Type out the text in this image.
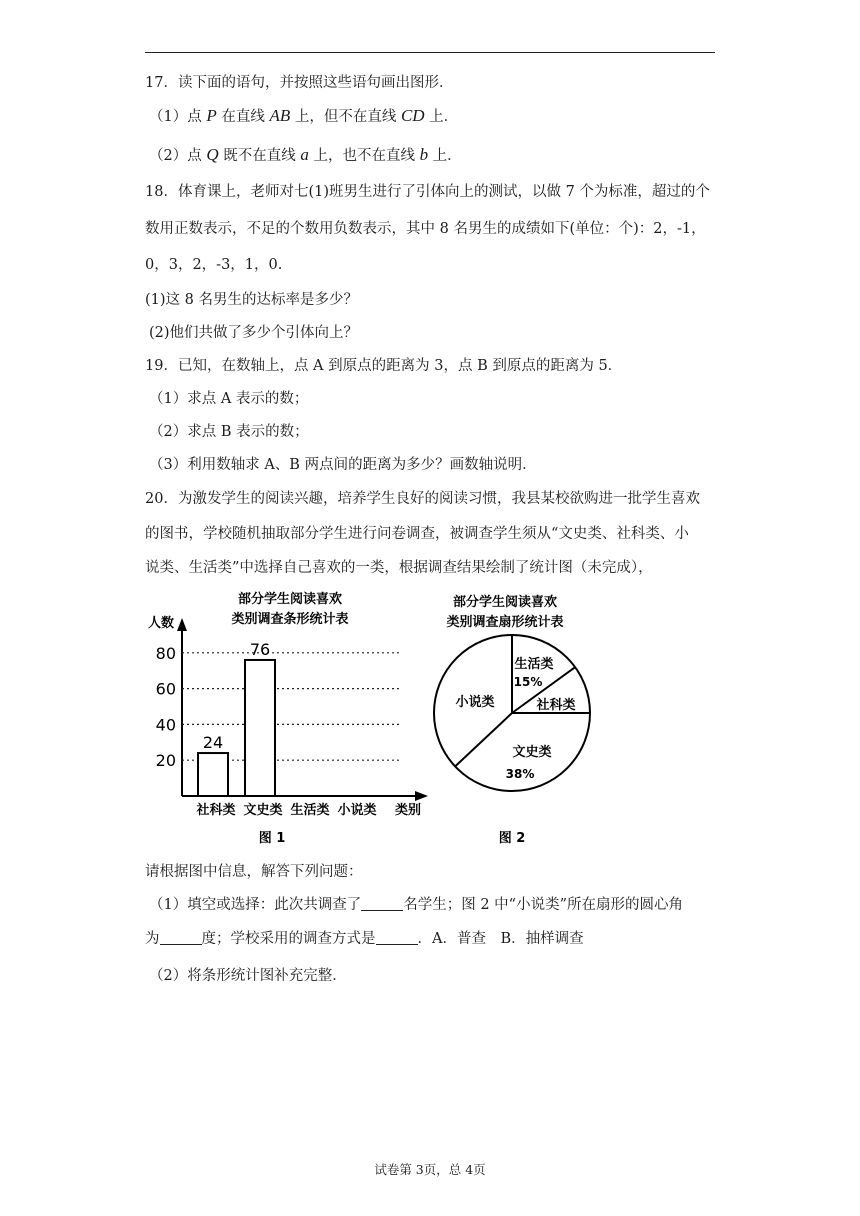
17．读下面的语句，并按照这些语句画出图形．
（1）点 P 在直线 AB 上，但不在直线 CD 上．
（2）点 Q 既不在直线 a 上，也不在直线 b 上．
18．体育课上，老师对七(1)班男生进行了引体向上的测试，以做 7 个为标准，超过的个
数用正数表示，不足的个数用负数表示，其中 8 名男生的成绩如下(单位：个)：2，-1，
0，3，2，-3，1，0.
(1)这 8 名男生的达标率是多少？
(2)他们共做了多少个引体向上？
19．已知，在数轴上，点 A 到原点的距离为 3，点 B 到原点的距离为 5．
（1）求点 A 表示的数；
（2）求点 B 表示的数；
（3）利用数轴求 A、B 两点间的距离为多少？画数轴说明．
20．为激发学生的阅读兴趣，培养学生良好的阅读习惯，我县某校欲购进一批学生喜欢
的图书，学校随机抽取部分学生进行问卷调查，被调查学生须从“文史类、社科类、小
说类、生活类”中选择自己喜欢的一类，根据调查结果绘制了统计图（未完成），
部分学生阅读喜欢
类别调查条形统计表
人数
类别
20
40
60
80
社科类
24
文史类
76
生活类 小说类
图 1
部分学生阅读喜欢
类别调查扇形统计表
生活类
社科类
文史类
小说类
15%
38%
图 2
请根据图中信息，解答下列问题：
（1）填空或选择：此次共调查了	名学生；图 2 中“小说类”所在扇形的圆心角
为	度；学校采用的调查方式是	．A．普查　B．抽样调查
（2）将条形统计图补充完整．
试卷第 3页，总 4页
